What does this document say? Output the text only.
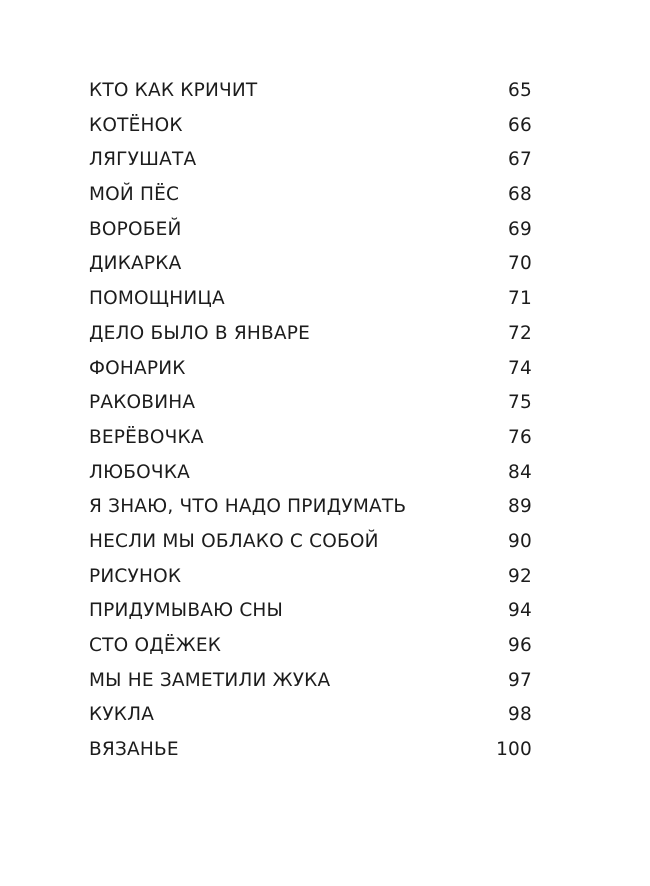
КТО КАК КРИЧИТ	65
КОТЁНОК	66
ЛЯГУШАТА	67
МОЙ ПЁС	68
ВОРОБЕЙ	69
ДИКАРКА	70
ПОМОЩНИЦА	71
ДЕЛО БЫЛО В ЯНВАРЕ	72
ФОНАРИК	74
РАКОВИНА	75
ВЕРЁВОЧКА	76
ЛЮБОЧКА	84
Я ЗНАЮ, ЧТО НАДО ПРИДУМАТЬ	89
НЕСЛИ МЫ ОБЛАКО С СОБОЙ	90
РИСУНОК	92
ПРИДУМЫВАЮ СНЫ	94
СТО ОДЁЖЕК	96
МЫ НЕ ЗАМЕТИЛИ ЖУКА	97
КУКЛА	98
ВЯЗАНЬЕ	100
